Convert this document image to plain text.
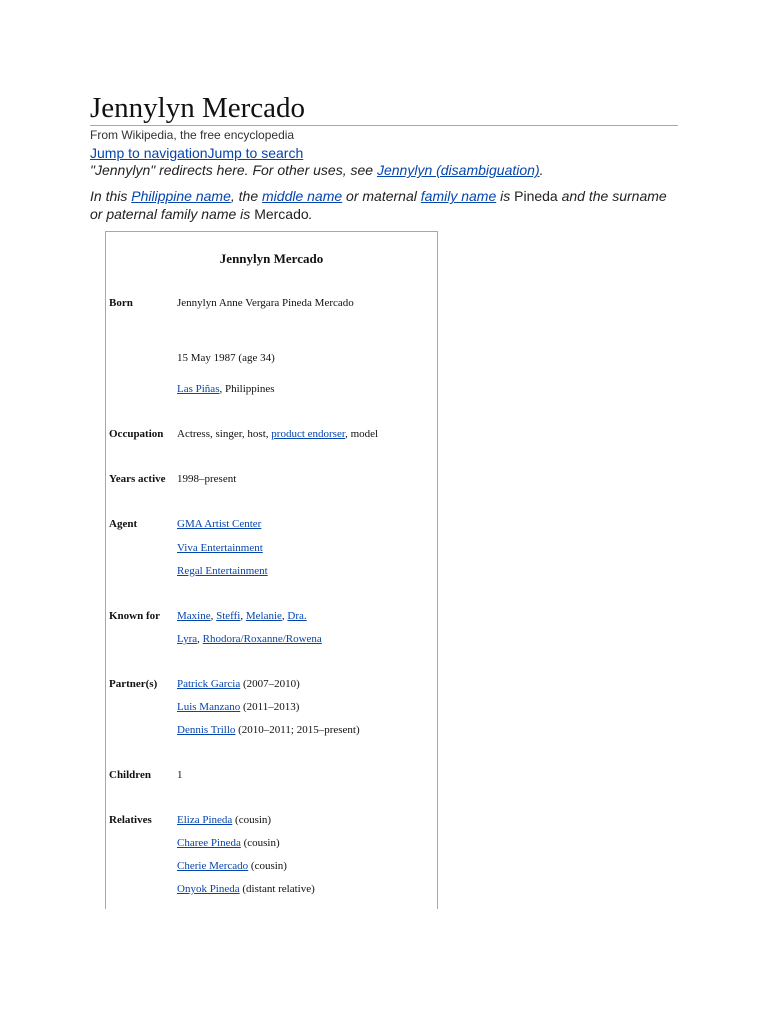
Jennylyn Mercado
From Wikipedia, the free encyclopedia
Jump to navigationJump to search
"Jennylyn" redirects here. For other uses, see Jennylyn (disambiguation).
In this Philippine name, the middle name or maternal family name is Pineda and the surname or paternal family name is Mercado.
Jennylyn Mercado
Born	Jennylyn Anne Vergara Pineda Mercado
15 May 1987 (age 34)
Las Piñas, Philippines
Occupation Actress, singer, host, product endorser, model
Years active 1998–present
Agent	GMA Artist Center
Viva Entertainment
Regal Entertainment
Known for Maxine, Steffi, Melanie, Dra.
Lyra, Rhodora/Roxanne/Rowena
Partner(s) Patrick Garcia (2007–2010)
Luis Manzano (2011–2013)
Dennis Trillo (2010–2011; 2015–present)
Children 1
Relatives Eliza Pineda (cousin)
Charee Pineda (cousin)
Cherie Mercado (cousin)
Onyok Pineda (distant relative)
